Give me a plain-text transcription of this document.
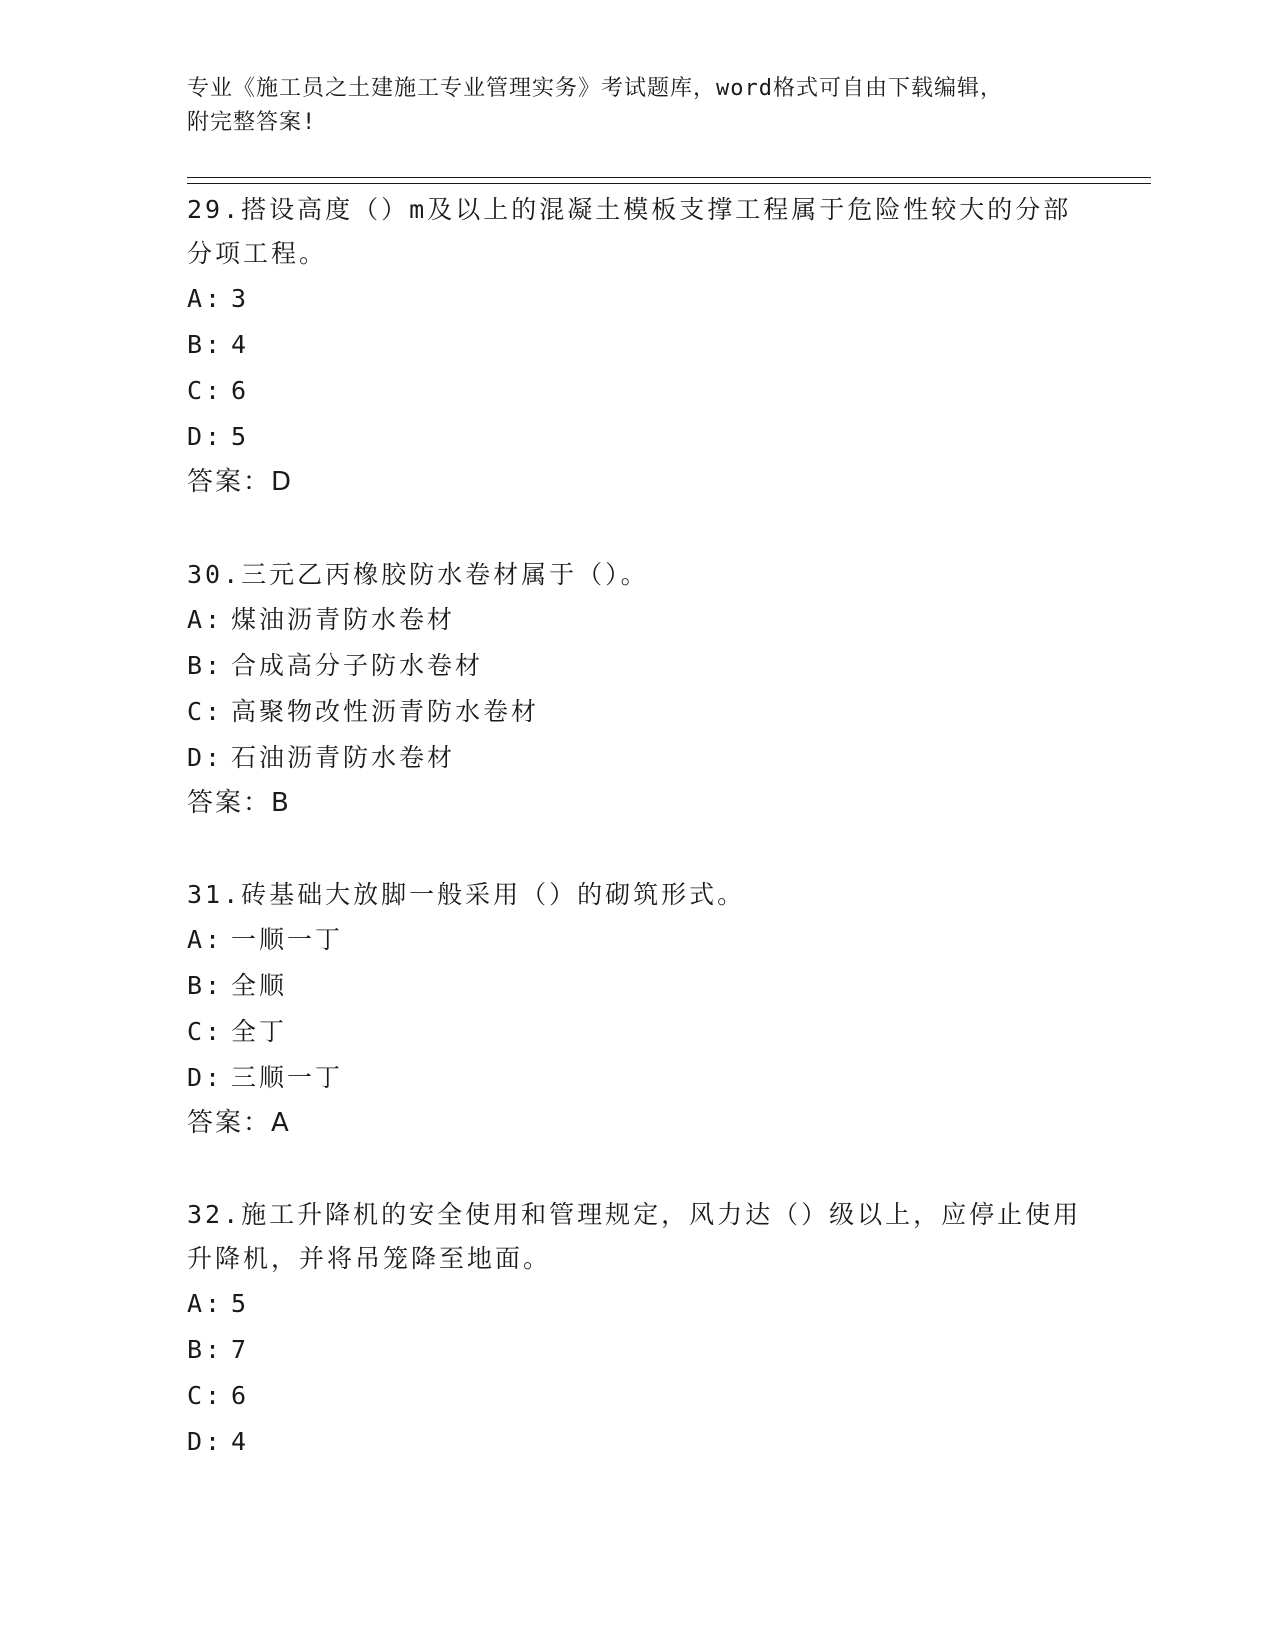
专业《施工员之土建施工专业管理实务》考试题库，word格式可自由下载编辑，
附完整答案!

29.搭设高度（）m及以上的混凝土模板支撑工程属于危险性较大的分部分项工程。

A: 3
B: 4
C: 6
D: 5
答案：D

30.三元乙丙橡胶防水卷材属于（）。

A: 煤油沥青防水卷材
B: 合成高分子防水卷材
C: 高聚物改性沥青防水卷材
D: 石油沥青防水卷材
答案：B

31.砖基础大放脚一般采用（）的砌筑形式。

A: 一顺一丁
B: 全顺
C: 全丁
D: 三顺一丁
答案：A

32.施工升降机的安全使用和管理规定，风力达（）级以上，应停止使用升降机，并将吊笼降至地面。

A: 5
B: 7
C: 6
D: 4
